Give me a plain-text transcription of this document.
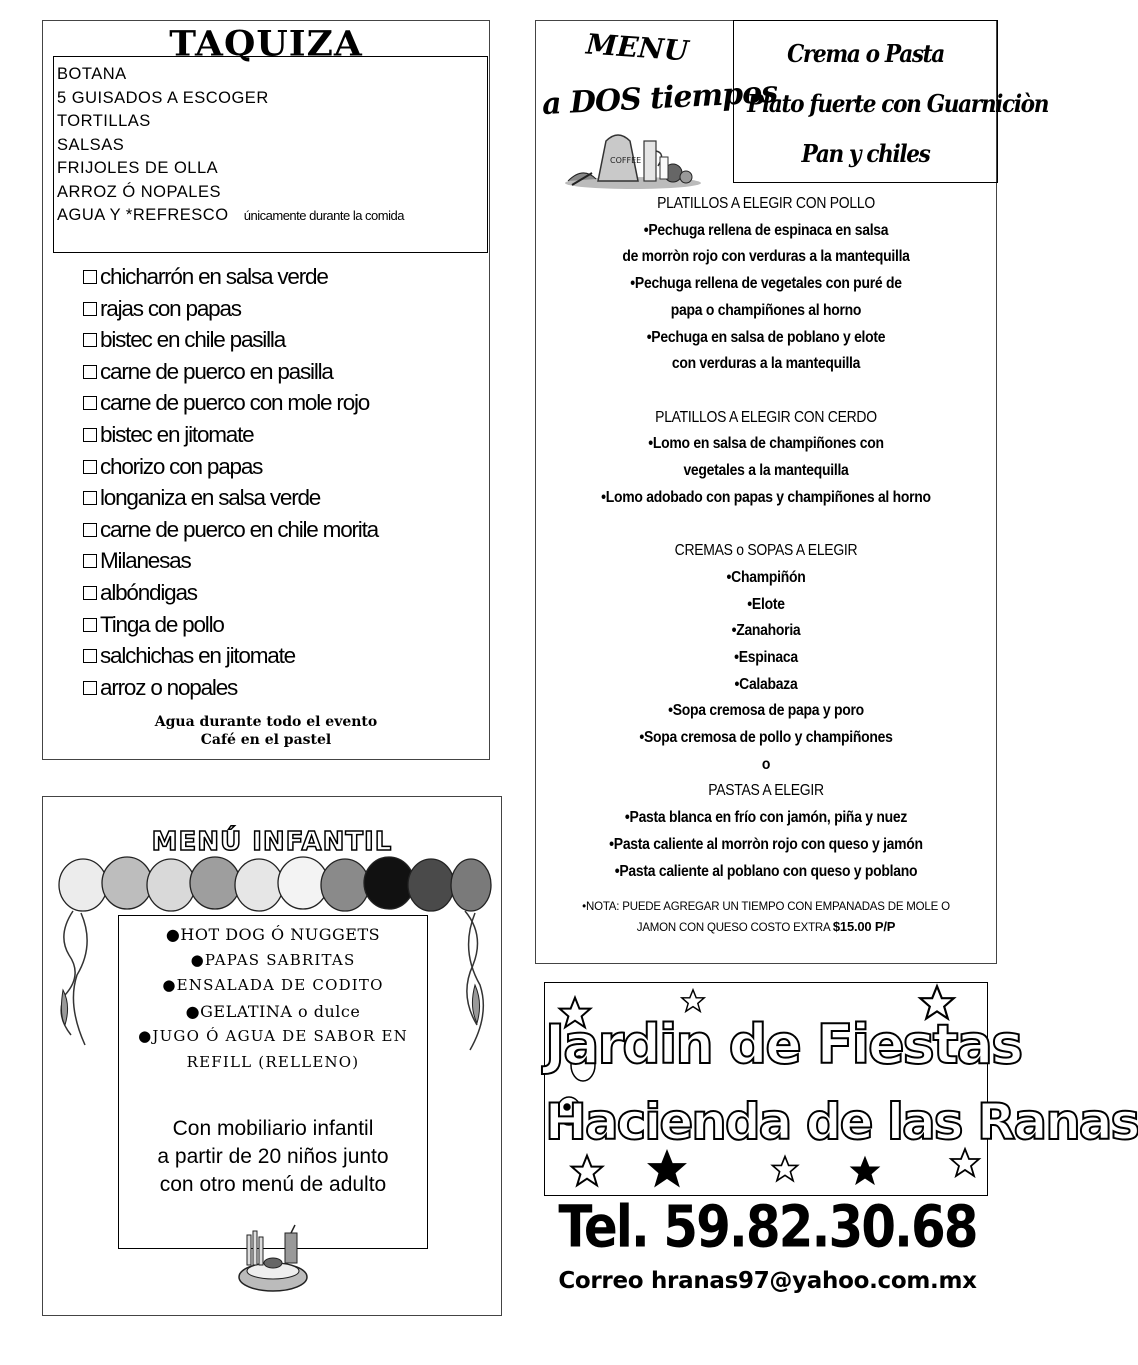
TAQUIZA
BOTANA
5 GUISADOS A ESCOGER
TORTILLAS
SALSAS
FRIJOLES DE OLLA
ARROZ Ó NOPALES
AGUA Y *REFRESCO únicamente durante la comida
chicharrón en salsa verde
rajas con papas
bistec en chile pasilla
carne de puerco en pasilla
carne de puerco con mole rojo
bistec en jitomate
chorizo con papas
longaniza en salsa verde
carne de puerco en chile morita
Milanesas
albóndigas
Tinga de pollo
salchichas en jitomate
arroz o nopales
Agua durante todo el evento
Café en el pastel
MENU
a DOS tiempos
COFFEE
Crema o Pasta
Plato fuerte con Guarniciòn
Pan y chiles
PLATILLOS A ELEGIR CON POLLO
•Pechuga rellena de espinaca en salsa
de morròn rojo con verduras a la mantequilla
•Pechuga rellena de vegetales con puré de
papa o champiñones al horno
•Pechuga en salsa de poblano y elote
con verduras a la mantequilla
PLATILLOS A ELEGIR CON CERDO
•Lomo en salsa de champiñones con
vegetales a la mantequilla
•Lomo adobado con papas y champiñones al horno
CREMAS o SOPAS A ELEGIR
•Champiñón
•Elote
•Zanahoria
•Espinaca
•Calabaza
•Sopa cremosa de papa y poro
•Sopa cremosa de pollo y champiñones
o
PASTAS A ELEGIR
•Pasta blanca en frío con jamón, piña y nuez
•Pasta caliente al morròn rojo con queso y jamón
•Pasta caliente al poblano con queso y poblano
•NOTA: PUEDE AGREGAR UN TIEMPO CON EMPANADAS DE MOLE O
JAMON CON QUESO COSTO EXTRA $15.00 P/P
MENÚ INFANTIL
●HOT DOG Ó NUGGETS
●PAPAS SABRITAS
●ENSALADA DE CODITO
●GELATINA o dulce
●JUGO Ó AGUA DE SABOR EN
REFILL (RELLENO)
Con mobiliario infantil
a partir de 20 niños junto
con otro menú de adulto
Jardin de Fiestas
Hacienda de las Ranas
Tel. 59.82.30.68
Correo hranas97@yahoo.com.mx
